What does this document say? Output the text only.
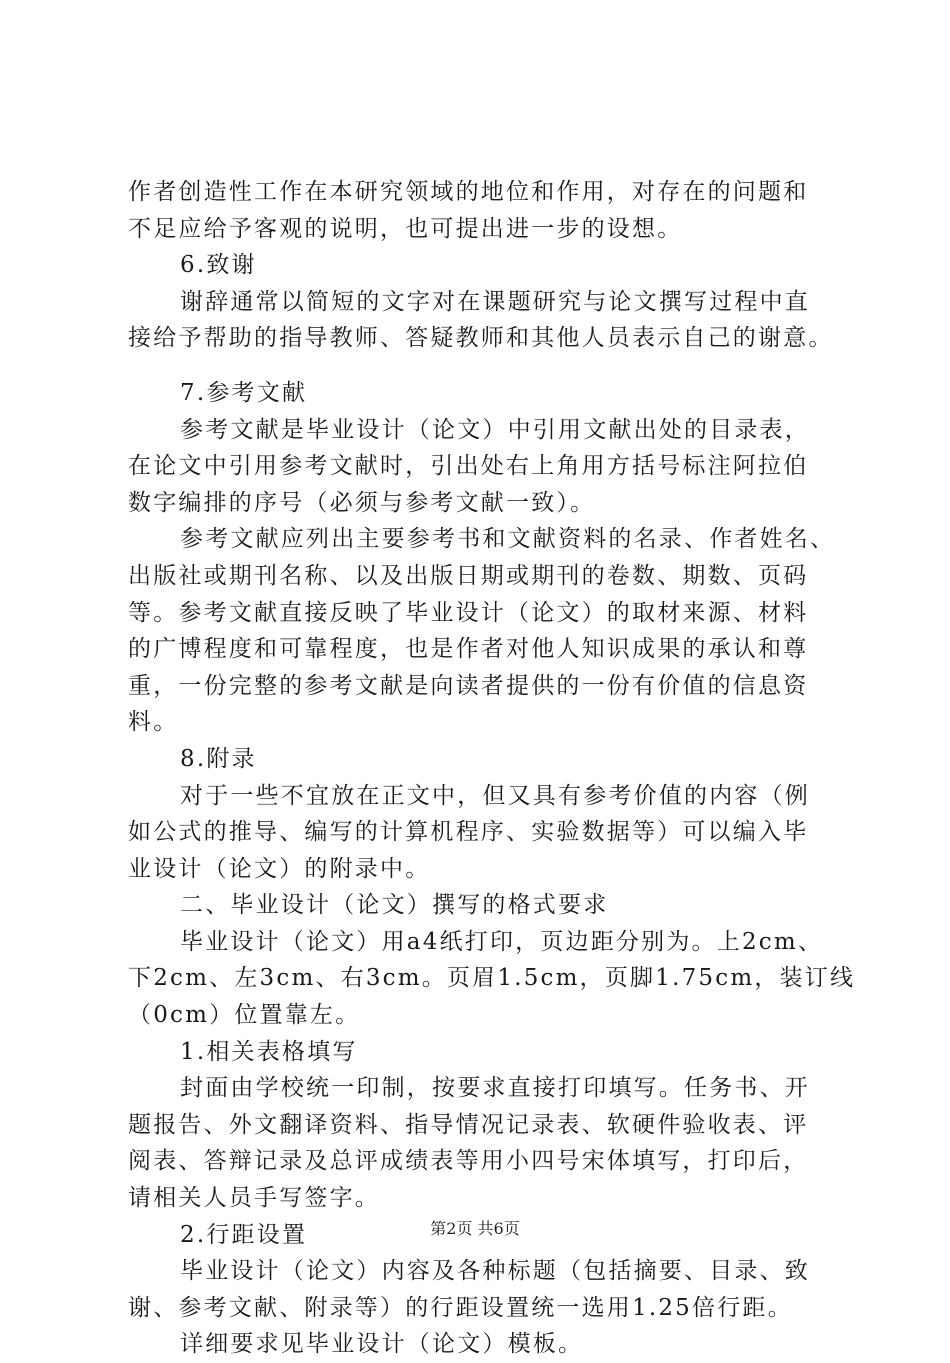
作者创造性工作在本研究领域的地位和作用，对存在的问题和
不足应给予客观的说明，也可提出进一步的设想。
6.致谢
谢辞通常以简短的文字对在课题研究与论文撰写过程中直
接给予帮助的指导教师、答疑教师和其他人员表示自己的谢意。
7.参考文献
参考文献是毕业设计（论文）中引用文献出处的目录表，
在论文中引用参考文献时，引出处右上角用方括号标注阿拉伯
数字编排的序号（必须与参考文献一致）。
参考文献应列出主要参考书和文献资料的名录、作者姓名、
出版社或期刊名称、以及出版日期或期刊的卷数、期数、页码
等。参考文献直接反映了毕业设计（论文）的取材来源、材料
的广博程度和可靠程度，也是作者对他人知识成果的承认和尊
重，一份完整的参考文献是向读者提供的一份有价值的信息资
料。
8.附录
对于一些不宜放在正文中，但又具有参考价值的内容（例
如公式的推导、编写的计算机程序、实验数据等）可以编入毕
业设计（论文）的附录中。
二、毕业设计（论文）撰写的格式要求
毕业设计（论文）用a4纸打印，页边距分别为。上2cm、
下2cm、左3cm、右3cm。页眉1.5cm，页脚1.75cm，装订线
（0cm）位置靠左。
1.相关表格填写
封面由学校统一印制，按要求直接打印填写。任务书、开
题报告、外文翻译资料、指导情况记录表、软硬件验收表、评
阅表、答辩记录及总评成绩表等用小四号宋体填写，打印后，
请相关人员手写签字。
2.行距设置
毕业设计（论文）内容及各种标题（包括摘要、目录、致
谢、参考文献、附录等）的行距设置统一选用1.25倍行距。
详细要求见毕业设计（论文）模板。
第2页 共6页
